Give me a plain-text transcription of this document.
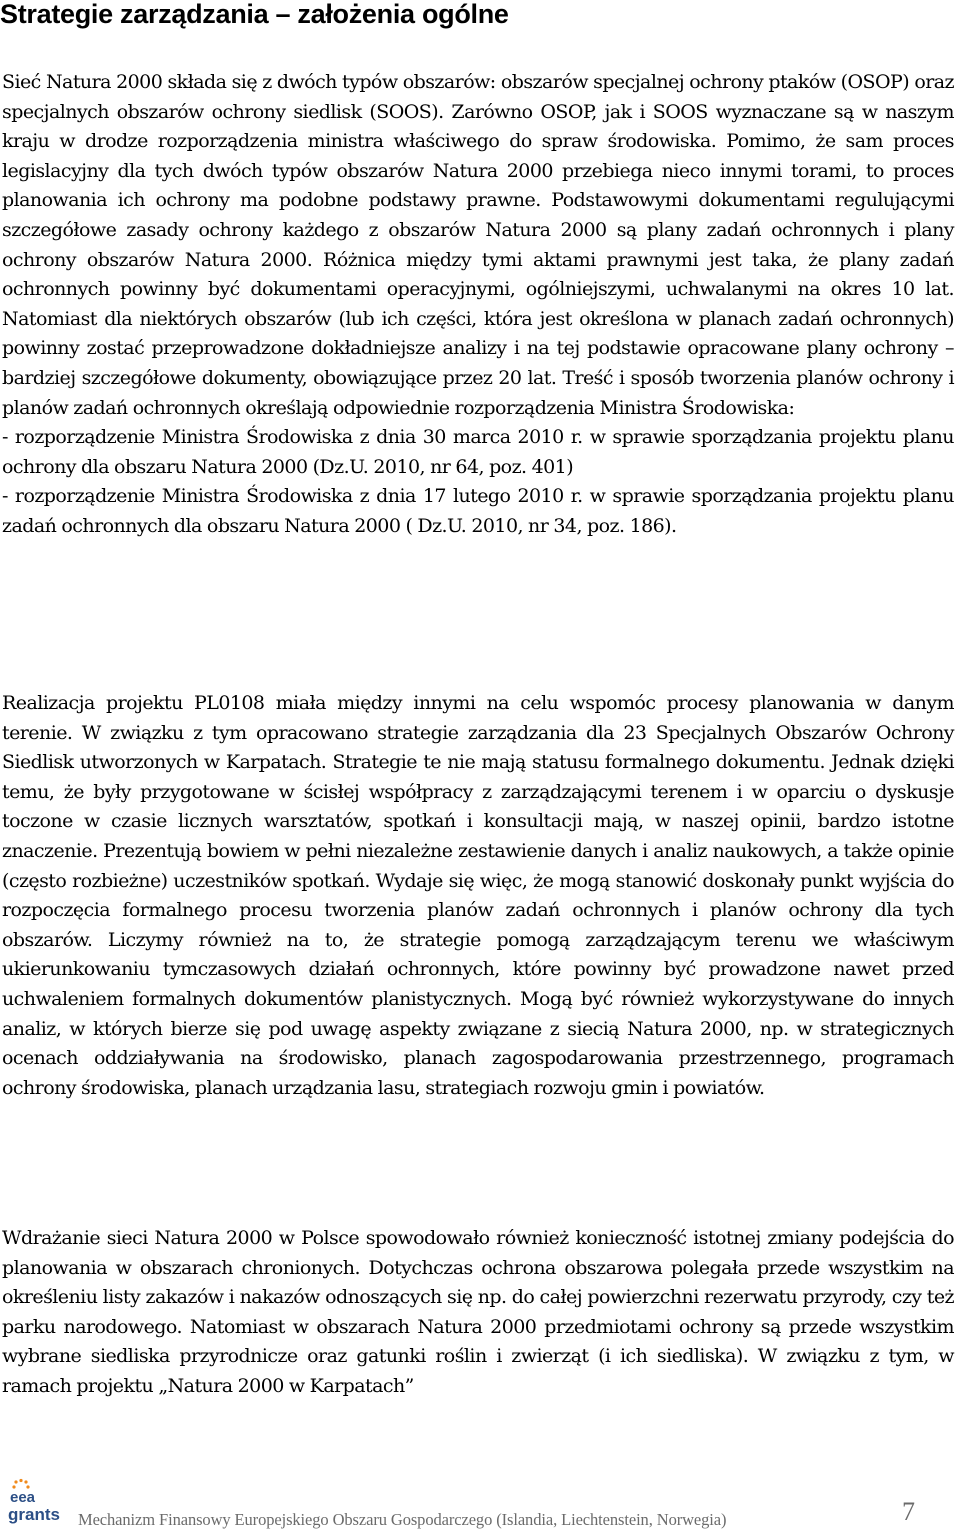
Strategie zarządzania – założenia ogólne
Sieć Natura 2000 składa się z dwóch typów obszarów: obszarów specjalnej ochrony ptaków (OSOP) oraz specjalnych obszarów ochrony siedlisk (SOOS). Zarówno OSOP, jak i SOOS wyznaczane są w naszym kraju w drodze rozporządzenia ministra właściwego do spraw środowiska. Pomimo, że sam proces legislacyjny dla tych dwóch typów obszarów Natura 2000 przebiega nieco innymi torami, to proces planowania ich ochrony ma podobne podstawy prawne. Podstawowymi dokumentami regulującymi szczegółowe zasady ochrony każdego z obszarów Natura 2000 są plany zadań ochronnych i plany ochrony obszarów Natura 2000. Różnica między tymi aktami prawnymi jest taka, że plany zadań ochronnych powinny być dokumentami operacyjnymi, ogólniejszymi, uchwalanymi na okres 10 lat. Natomiast dla niektórych obszarów (lub ich części, która jest określona w planach zadań ochronnych) powinny zostać przeprowadzone dokładniejsze analizy i na tej podstawie opracowane plany ochrony – bardziej szczegółowe dokumenty, obowiązujące przez 20 lat. Treść i sposób tworzenia planów ochrony i planów zadań ochronnych określają odpowiednie rozporządzenia Ministra Środowiska:
- rozporządzenie Ministra Środowiska z dnia 30 marca 2010 r. w sprawie sporządzania projektu planu ochrony dla obszaru Natura 2000 (Dz.U. 2010, nr 64, poz. 401)
- rozporządzenie Ministra Środowiska z dnia 17 lutego 2010 r. w sprawie sporządzania projektu planu zadań ochronnych dla obszaru Natura 2000 ( Dz.U. 2010, nr 34, poz. 186).
Realizacja projektu PL0108 miała między innymi na celu wspomóc procesy planowania w danym terenie. W związku z tym opracowano strategie zarządzania dla 23 Specjalnych Obszarów Ochrony Siedlisk utworzonych w Karpatach. Strategie te nie mają statusu formalnego dokumentu. Jednak dzięki temu, że były przygotowane w ścisłej współpracy z zarządzającymi terenem i w oparciu o dyskusje toczone w czasie licznych warsztatów, spotkań i konsultacji mają, w naszej opinii, bardzo istotne znaczenie. Prezentują bowiem w pełni niezależne zestawienie danych i analiz naukowych, a także opinie (często rozbieżne) uczestników spotkań. Wydaje się więc, że mogą stanowić doskonały punkt wyjścia do rozpoczęcia formalnego procesu tworzenia planów zadań ochronnych i planów ochrony dla tych obszarów. Liczymy również na to, że strategie pomogą zarządzającym terenu we właściwym ukierunkowaniu tymczasowych działań ochronnych, które powinny być prowadzone nawet przed uchwaleniem formalnych dokumentów planistycznych. Mogą być również wykorzystywane do innych analiz, w których bierze się pod uwagę aspekty związane z siecią Natura 2000, np. w strategicznych ocenach oddziaływania na środowisko, planach zagospodarowania przestrzennego, programach ochrony środowiska, planach urządzania lasu, strategiach rozwoju gmin i powiatów.
Wdrażanie sieci Natura 2000 w Polsce spowodowało również konieczność istotnej zmiany podejścia do planowania w obszarach chronionych. Dotychczas ochrona obszarowa polegała przede wszystkim na określeniu listy zakazów i nakazów odnoszących się np. do całej powierzchni rezerwatu przyrody, czy też parku narodowego. Natomiast w obszarach Natura 2000 przedmiotami ochrony są przede wszystkim wybrane siedliska przyrodnicze oraz gatunki roślin i zwierząt (i ich siedliska). W związku z tym, w ramach projektu „Natura 2000 w Karpatach”
eea
grants Mechanizm Finansowy Europejskiego Obszaru Gospodarczego (Islandia, Liechtenstein, Norwegia)	7
